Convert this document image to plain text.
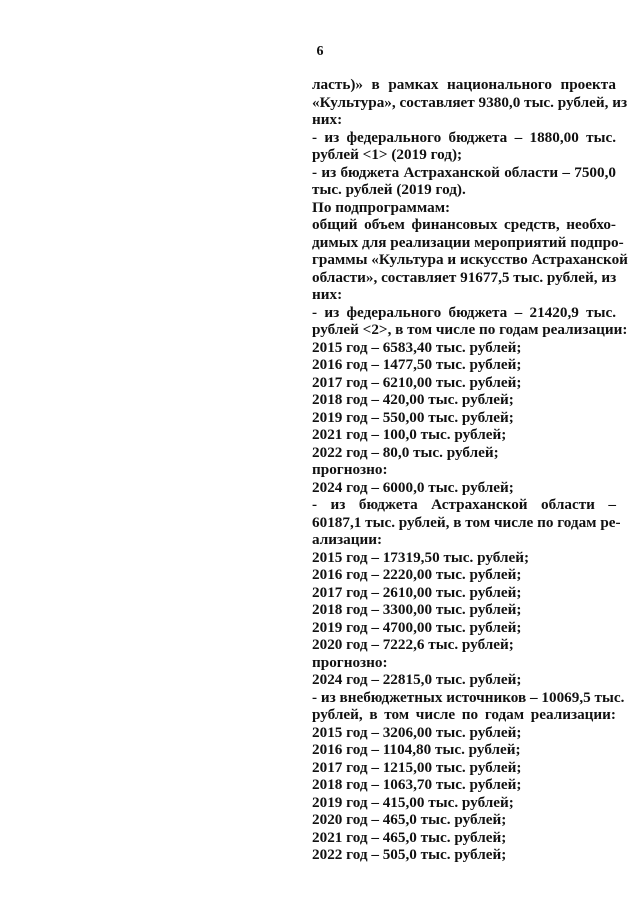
6
ласть)» в рамках национального проекта
«Культура», составляет 9380,0 тыс. рублей, из
них:
- из федерального бюджета – 1880,00 тыс.
рублей <1> (2019 год);
- из бюджета Астраханской области – 7500,0
тыс. рублей (2019 год).
По подпрограммам:
общий объем финансовых средств, необхо-
димых для реализации мероприятий подпро-
граммы «Культура и искусство Астраханской
области», составляет 91677,5 тыс. рублей, из
них:
- из федерального бюджета – 21420,9 тыс.
рублей <2>, в том числе по годам реализации:
2015 год – 6583,40 тыс. рублей;
2016 год – 1477,50 тыс. рублей;
2017 год – 6210,00 тыс. рублей;
2018 год – 420,00 тыс. рублей;
2019 год – 550,00 тыс. рублей;
2021 год – 100,0 тыс. рублей;
2022 год – 80,0 тыс. рублей;
прогнозно:
2024 год – 6000,0 тыс. рублей;
- из бюджета Астраханской области –
60187,1 тыс. рублей, в том числе по годам ре-
ализации:
2015 год – 17319,50 тыс. рублей;
2016 год – 2220,00 тыс. рублей;
2017 год – 2610,00 тыс. рублей;
2018 год – 3300,00 тыс. рублей;
2019 год – 4700,00 тыс. рублей;
2020 год – 7222,6 тыс. рублей;
прогнозно:
2024 год – 22815,0 тыс. рублей;
- из внебюджетных источников – 10069,5 тыс.
рублей, в том числе по годам реализации:
2015 год – 3206,00 тыс. рублей;
2016 год – 1104,80 тыс. рублей;
2017 год – 1215,00 тыс. рублей;
2018 год – 1063,70 тыс. рублей;
2019 год – 415,00 тыс. рублей;
2020 год – 465,0 тыс. рублей;
2021 год – 465,0 тыс. рублей;
2022 год – 505,0 тыс. рублей;
